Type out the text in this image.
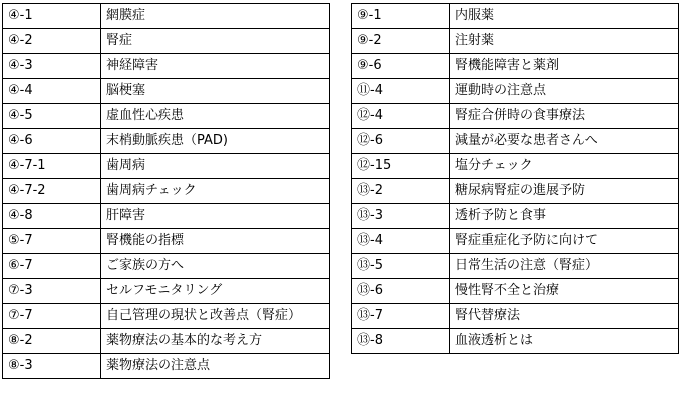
④-1	網膜症
④-2	腎症
④-3	神経障害
④-4	脳梗塞
④-5	虚血性心疾患
④-6	末梢動脈疾患（PAD)
④-7-1	歯周病
④-7-2	歯周病チェック
④-8	肝障害
⑤-7	腎機能の指標
⑥-7	ご家族の方へ
⑦-3	セルフモニタリング
⑦-7	自己管理の現状と改善点（腎症）
⑧-2	薬物療法の基本的な考え方
⑧-3	薬物療法の注意点
⑨-1	内服薬
⑨-2	注射薬
⑨-6	腎機能障害と薬剤
⑪-4	運動時の注意点
⑫-4	腎症合併時の食事療法
⑫-6	減量が必要な患者さんへ
⑫-15	塩分チェック
⑬-2	糖尿病腎症の進展予防
⑬-3	透析予防と食事
⑬-4	腎症重症化予防に向けて
⑬-5	日常生活の注意（腎症）
⑬-6	慢性腎不全と治療
⑬-7	腎代替療法
⑬-8	血液透析とは
